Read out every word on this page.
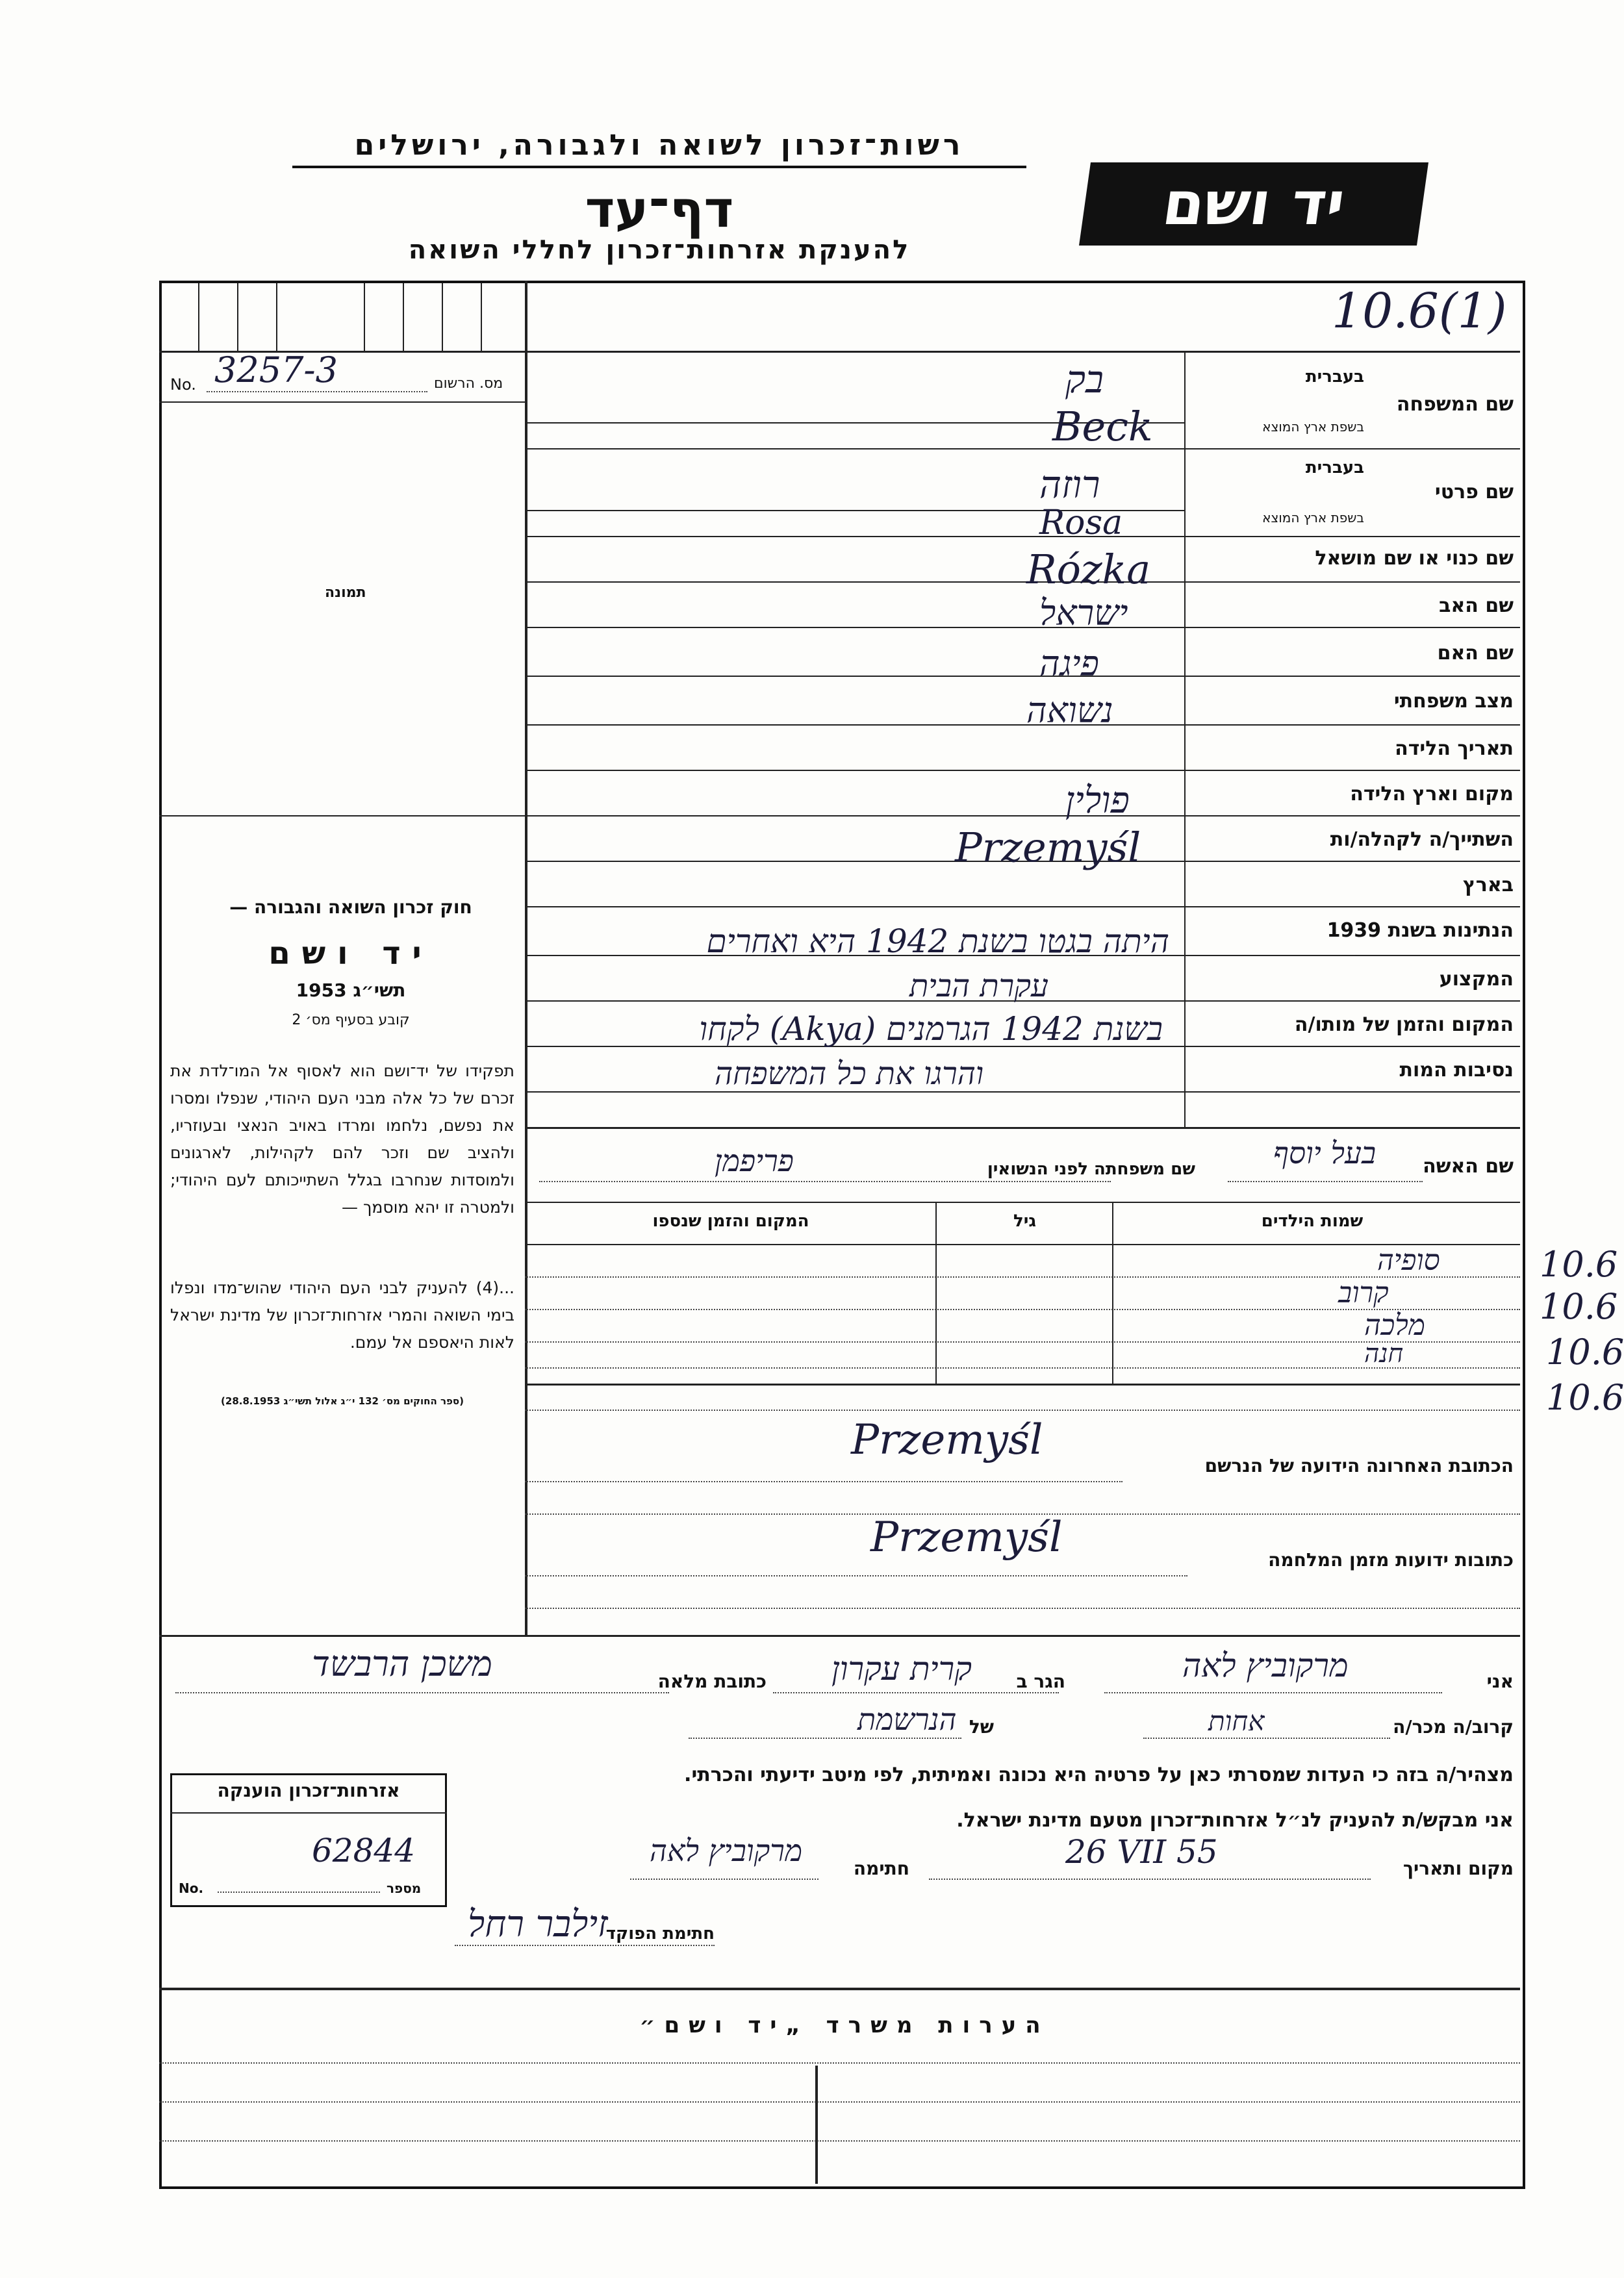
רשות־זכרון לשואה ולגבורה, ירושלים
דף־עד
להענקת אזרחות־זכרון לחללי השואה
יד ושם
10.6(1)
No. 3257-3	מס. הרשום
תמונה
חוק זכרון השואה והגבורה —
יד ושם
תשי״ג 1953
קובע בסעיף מס׳ 2
תפקידו של יד־ושם הוא לאסוף אל המו־לדת את זכרם של כל אלה מבני העם היהודי, שנפלו ומסרו את נפשם, נלחמו ומרדו באויב הנאצי ובעוזריו, ולהציב שם וזכר להם לקהילות, לארגונים ולמוסדות שנחרבו בגלל השתייכותם לעם היהודי; ולמטרה זו יהא מוסמך —
...(4) להעניק לבני העם היהודי שהוש־מדו ונפלו בימי השואה והמרי אזרחות־זכרון של מדינת ישראל לאות היאספם אל עמם.
(ספר החוקים מס׳ 132 י״ג אלול תשי״ג 28.8.1953)
שם המשפחה
בעברית
בשפת ארץ המוצא
בק
Beck
שם פרטי
בעברית
בשפת ארץ המוצא
רוזה
Rosa
שם כנוי או שם מושאל
Rózka
שם האב
ישראל
שם האם
פיגה
מצב משפחתי
נשואה
תאריך הלידה
מקום וארץ הלידה
פולין
השתייך/ה לקהלה/ות
Przemyśl
בארץ
הנתינות בשנת 1939
היתה בגטו בשנת 1942 היא ואחרים
המקצוע
עקרת הבית
המקום והזמן של מותו/ה
בשנת 1942 הגרמנים (Akya) לקחו
נסיבות המות
והרגו את כל המשפחה
שם האשה
בעל יוסף
שם משפחתה לפני הנשואין
פריפמן
שמות הילדים
גיל
המקום והזמן שנספו
סופיה
קרוב
מלכה
חנה
10.6
10.6
10.6
10.6
הכתובת האחרונה הידועה של הנרשם
Przemyśl
כתובות ידועות מזמן המלחמה
Przemyśl
אני
מרקוביץ לאה
הגר ב
קרית עקרון
כתובת מלאה
משכן הרבשד
קרוב/ה מכר/ה
אחות
של
הנרשמת
מצהיר/ה בזה כי העדות שמסרתי כאן על פרטיה היא נכונה ואמיתית, לפי מיטב ידיעתי והכרתי.
אני מבקש/ת להעניק לנ״ל אזרחות־זכרון מטעם מדינת ישראל.
מקום ותאריך
26 VII 55
חתימה
מרקוביץ לאה
חתימת הפוקד
זילבר רחל
אזרחות־זכרון הוענקה
62844
No.	מספר
הערות משרד „יד ושם״
